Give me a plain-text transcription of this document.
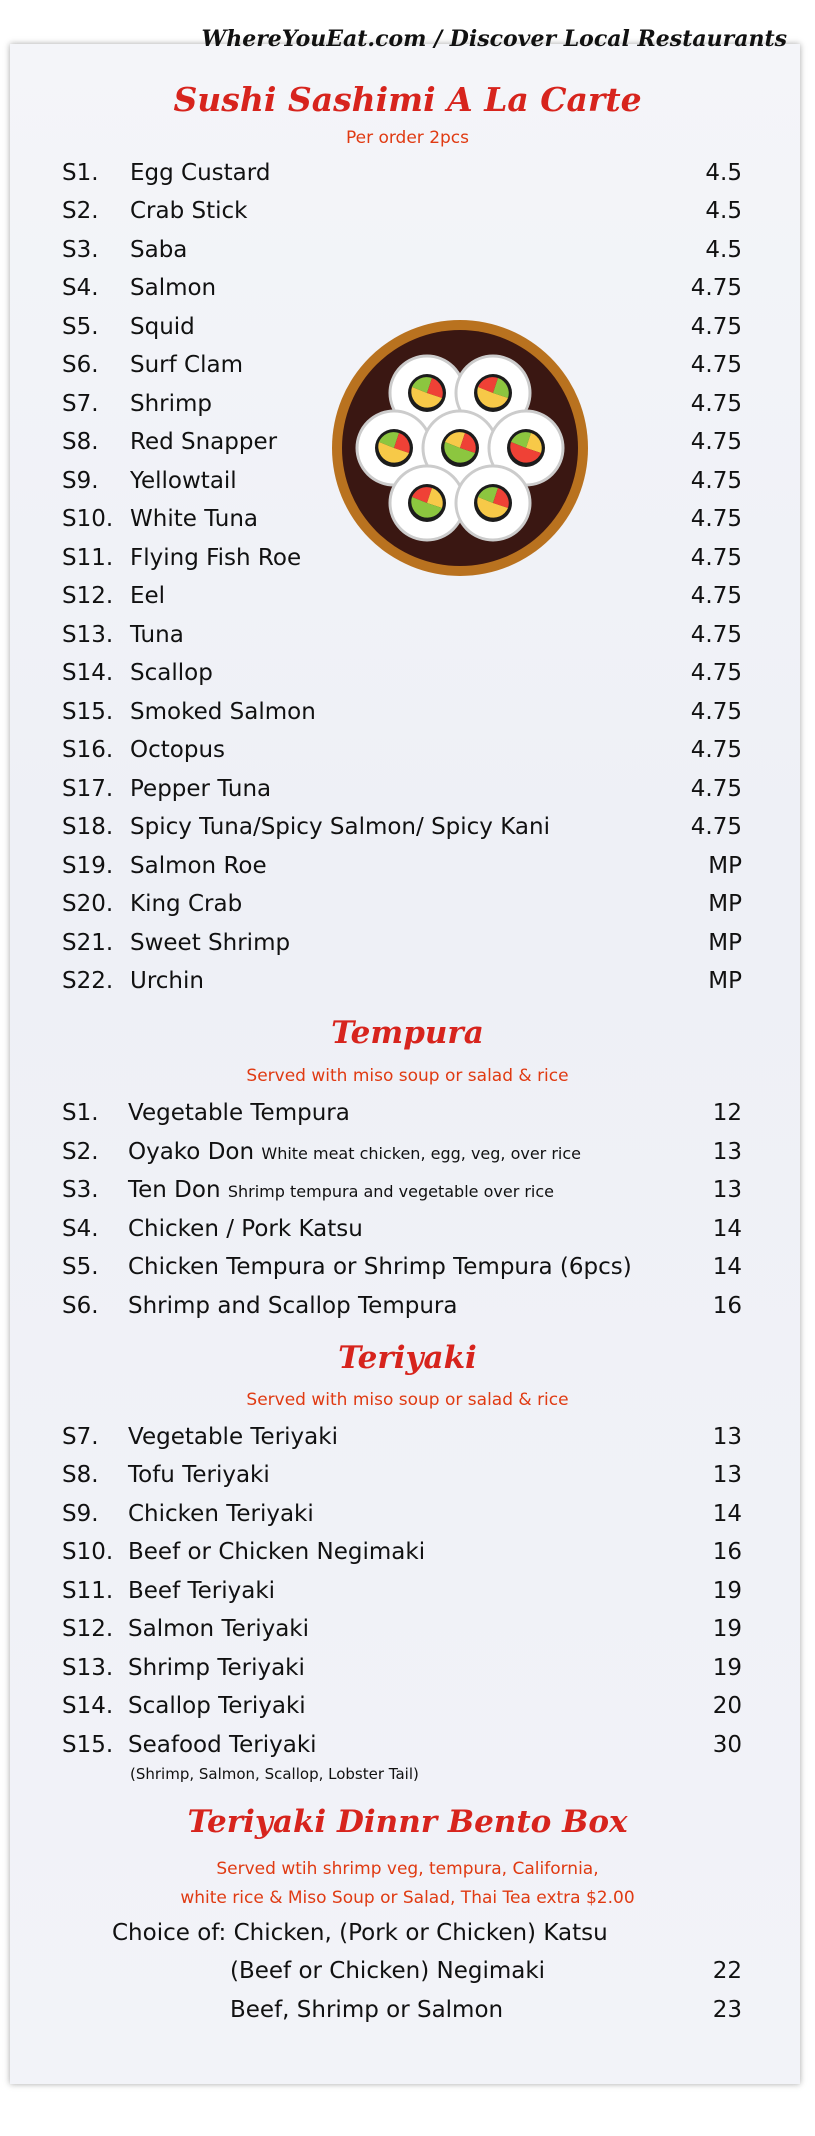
WhereYouEat.com / Discover Local Restaurants
Sushi Sashimi A La Carte
Per order 2pcs
S1. Egg Custard	4.5
S2. Crab Stick	4.5
S3. Saba	4.5
S4. Salmon	4.75
S5. Squid	4.75
S6. Surf Clam	4.75
S7. Shrimp	4.75
S8. Red Snapper	4.75
S9. Yellowtail	4.75
S10. White Tuna	4.75
S11. Flying Fish Roe	4.75
S12. Eel	4.75
S13. Tuna	4.75
S14. Scallop	4.75
S15. Smoked Salmon	4.75
S16. Octopus	4.75
S17. Pepper Tuna	4.75
S18. Spicy Tuna/Spicy Salmon/ Spicy Kani	4.75
S19. Salmon Roe	MP
S20. King Crab	MP
S21. Sweet Shrimp	MP
S22. Urchin	MP
Tempura
Served with miso soup or salad & rice
S1. Vegetable Tempura	12
S2. Oyako Don White meat chicken, egg, veg, over rice	13
S3. Ten Don Shrimp tempura and vegetable over rice	13
S4. Chicken / Pork Katsu	14
S5. Chicken Tempura or Shrimp Tempura (6pcs)	14
S6. Shrimp and Scallop Tempura	16
Teriyaki
Served with miso soup or salad & rice
S7. Vegetable Teriyaki	13
S8. Tofu Teriyaki	13
S9. Chicken Teriyaki	14
S10. Beef or Chicken Negimaki	16
S11. Beef Teriyaki	19
S12. Salmon Teriyaki	19
S13. Shrimp Teriyaki	19
S14. Scallop Teriyaki	20
S15. Seafood Teriyaki	30
(Shrimp, Salmon, Scallop, Lobster Tail)
Teriyaki Dinnr Bento Box
Served wtih shrimp veg, tempura, California,
white rice & Miso Soup or Salad, Thai Tea extra $2.00
Choice of: Chicken, (Pork or Chicken) Katsu
(Beef or Chicken) Negimaki	22
Beef, Shrimp or Salmon	23
